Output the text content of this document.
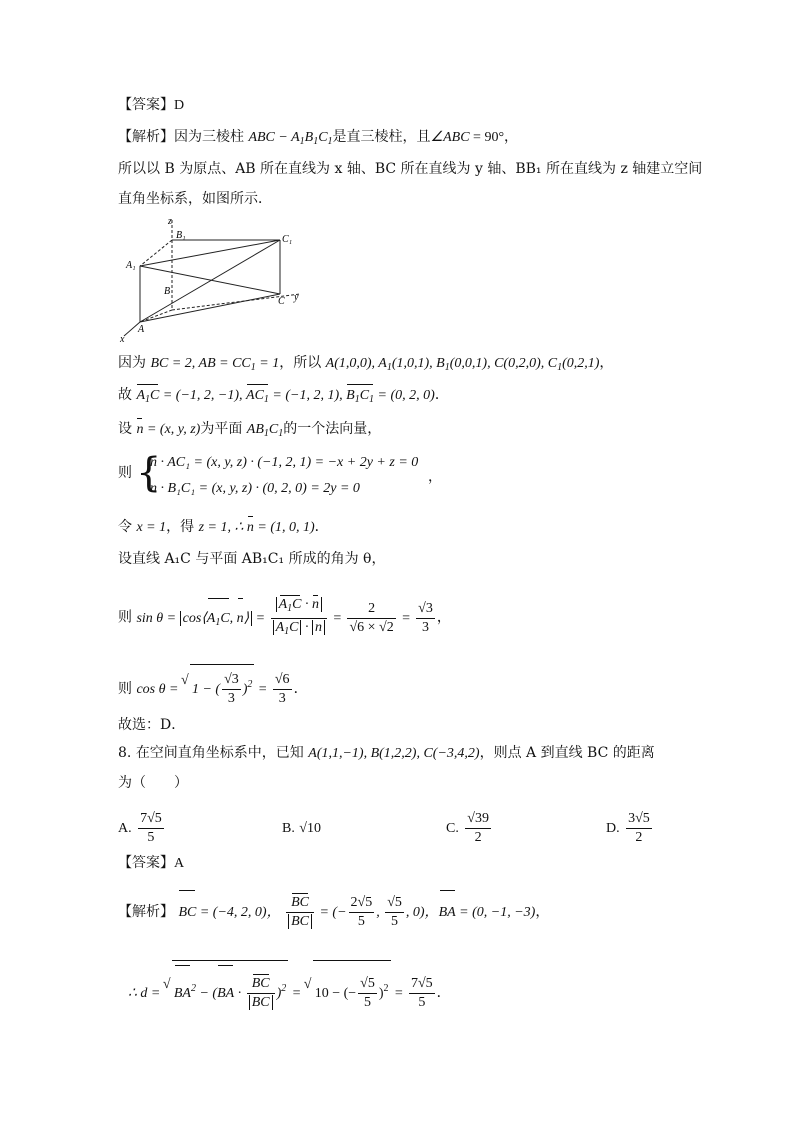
【答案】D
【解析】因为三棱柱 ABC − $A_1B_1C_1$是直三棱柱，且∠ABC = 90°，
所以以 B 为原点、AB 所在直线为 x 轴、BC 所在直线为 y 轴、BB₁ 所在直线为 z 轴建立空间
直角坐标系，如图所示．
z
B₁	C₁
A₁
B
C y
A
x
因为 BC = 2, AB = $CC_1 = 1$，所以 A(1,0,0), $A_1(1,0,1)$, $B_1(0,0,1)$, C(0,2,0), $C_1(0,2,1)$，
故 $A_1C = (-1$, 2, −1), $AC_1 = (-1$, 2, 1), $B_1C_1 = (0$, 2, 0)．
设 n = (x, y, z)为平面 $AB_1C_1$的一个法向量，
则 {
n · AC₁ = (x, y, z) · (−1, 2, 1) = −x + 2y + z = 0
n · B₁C₁ = (x, y, z) · (0, 2, 0) = 2y = 0
，
令 x = 1，得 z = 1, ∴ n = (1, 0, 1)．
设直线 A₁C 与平面 AB₁C₁ 所成的角为 θ，
则 $\sin \theta = \cos⟨A_1C$, n⟩ = $\frac{A_1C \cdot n}{A_1C \cdot n} = \frac{2}{√6 \times √2} = \frac{√3}{3}$ ，
则 cos θ = √ 1 − ( $\frac{√3}{3} )^2 = \frac{√6}{3}$ ．
故选：D．
8. 在空间直角坐标系中，已知 A(1,1,−1), B(1,2,2), C(−3,4,2)，则点 A 到直线 BC 的距离
为（　　）
A. $\frac{7√5}{5}$	B. √10	C. $\frac{√39}{2}$	D. $\frac{3√5}{2}$
【答案】A
【解析】 BC = (−4, 2, 0)， $\frac{BC}{BC}$ = (− $\frac{2√5}{5}$ , $\frac{√5}{5}$ , 0)，BA = (0, −1, −3)，
∴ d = √ $BA^2 - (BA \cdot \frac{BC}{BC} )^2$ = √ 10 − (− $\frac{√5}{5} )^2 = \frac{7√5}{5}$ ．
